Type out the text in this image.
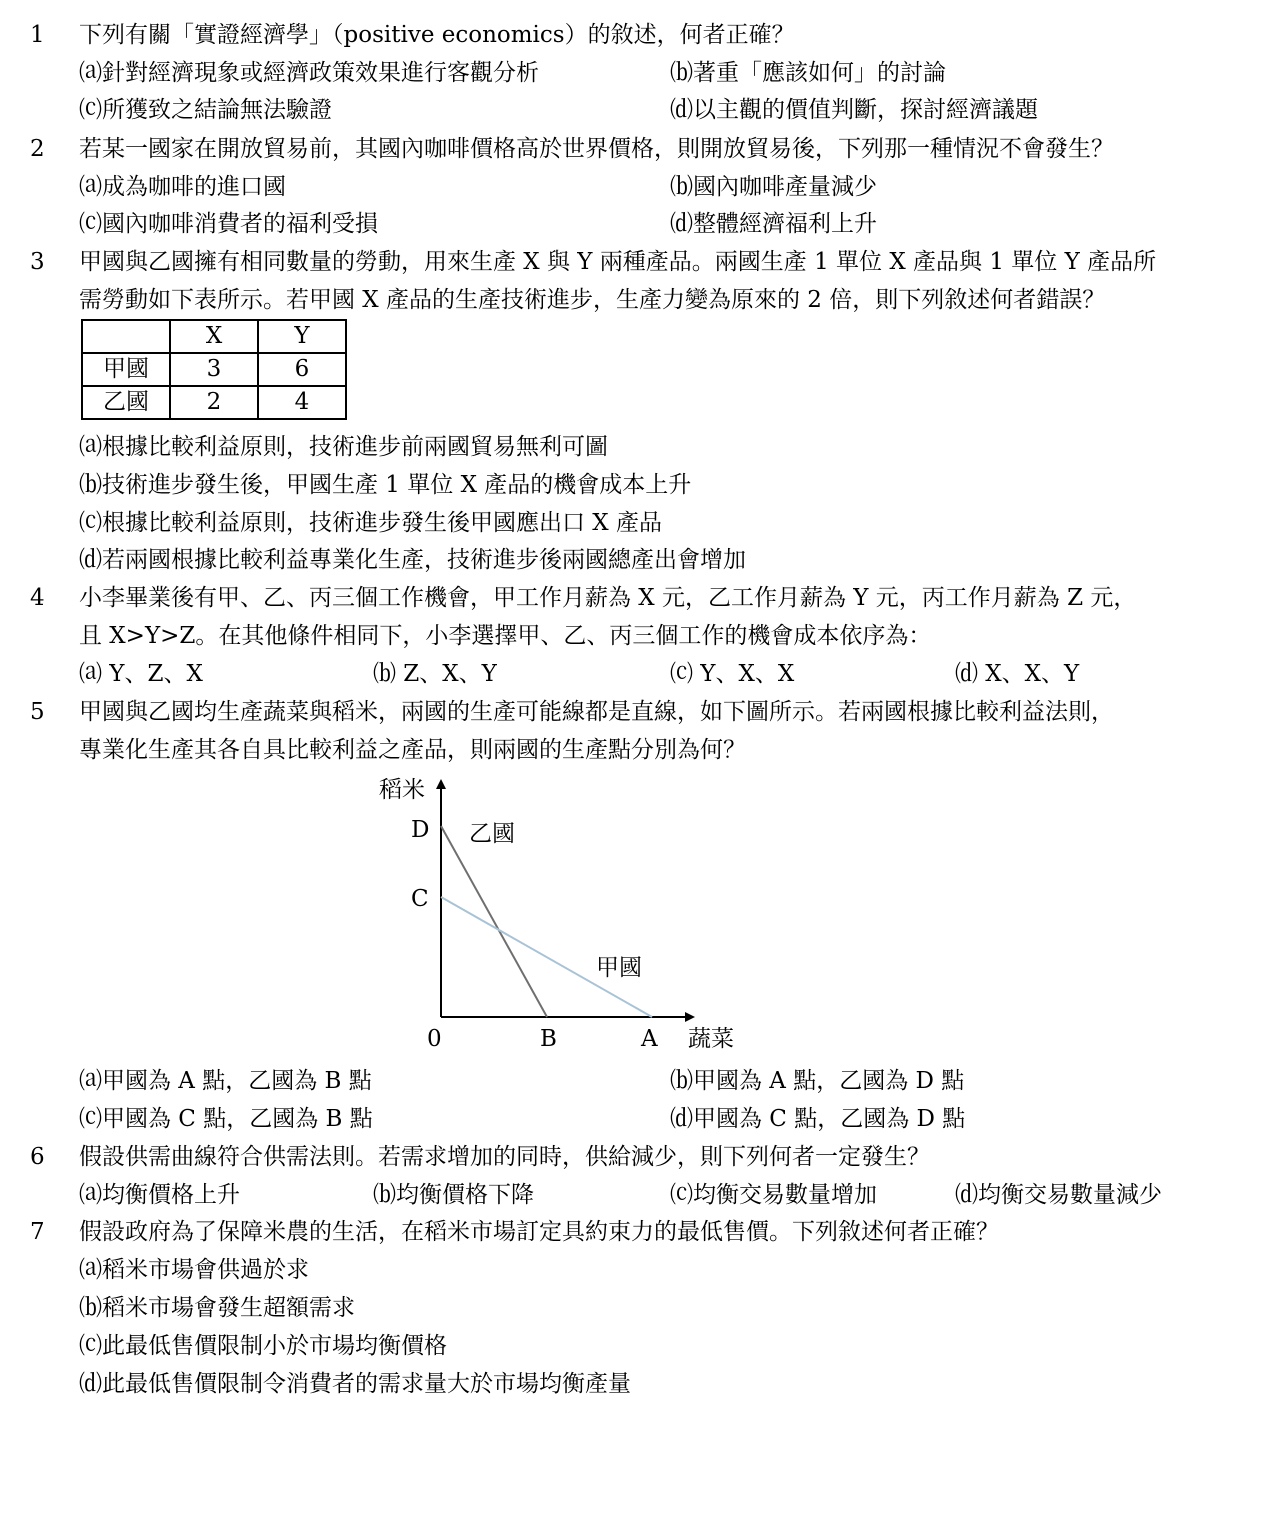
1 下列有關「實證經濟學」（positive economics）的敘述，何者正確？
⒜針對經濟現象或經濟政策效果進行客觀分析	⒝著重「應該如何」的討論
⒞所獲致之結論無法驗證	⒟以主觀的價值判斷，探討經濟議題
2 若某一國家在開放貿易前，其國內咖啡價格高於世界價格，則開放貿易後，下列那一種情況不會發生？
⒜成為咖啡的進口國	⒝國內咖啡產量減少
⒞國內咖啡消費者的福利受損	⒟整體經濟福利上升
3 甲國與乙國擁有相同數量的勞動，用來生產 X 與 Y 兩種產品。兩國生產 1 單位 X 產品與 1 單位 Y 產品所
需勞動如下表所示。若甲國 X 產品的生產技術進步，生產力變為原來的 2 倍，則下列敘述何者錯誤？
	X	Y
甲國	3	6
乙國	2	4
⒜根據比較利益原則，技術進步前兩國貿易無利可圖
⒝技術進步發生後，甲國生產 1 單位 X 產品的機會成本上升
⒞根據比較利益原則，技術進步發生後甲國應出口 X 產品
⒟若兩國根據比較利益專業化生產，技術進步後兩國總產出會增加
4 小李畢業後有甲、乙、丙三個工作機會，甲工作月薪為 X 元，乙工作月薪為 Y 元，丙工作月薪為 Z 元，
且 X>Y>Z。在其他條件相同下，小李選擇甲、乙、丙三個工作的機會成本依序為：
⒜ Y、Z、X	⒝ Z、X、Y	⒞ Y、X、X	⒟ X、X、Y
5 甲國與乙國均生產蔬菜與稻米，兩國的生產可能線都是直線，如下圖所示。若兩國根據比較利益法則，
專業化生產其各自具比較利益之產品，則兩國的生產點分別為何？
稻米
D 乙國
C
甲國
0	B	A 蔬菜
⒜甲國為 A 點，乙國為 B 點	⒝甲國為 A 點，乙國為 D 點
⒞甲國為 C 點，乙國為 B 點	⒟甲國為 C 點，乙國為 D 點
6 假設供需曲線符合供需法則。若需求增加的同時，供給減少，則下列何者一定發生？
⒜均衡價格上升	⒝均衡價格下降	⒞均衡交易數量增加	⒟均衡交易數量減少
7 假設政府為了保障米農的生活，在稻米市場訂定具約束力的最低售價。下列敘述何者正確？
⒜稻米市場會供過於求
⒝稻米市場會發生超額需求
⒞此最低售價限制小於市場均衡價格
⒟此最低售價限制令消費者的需求量大於市場均衡產量
